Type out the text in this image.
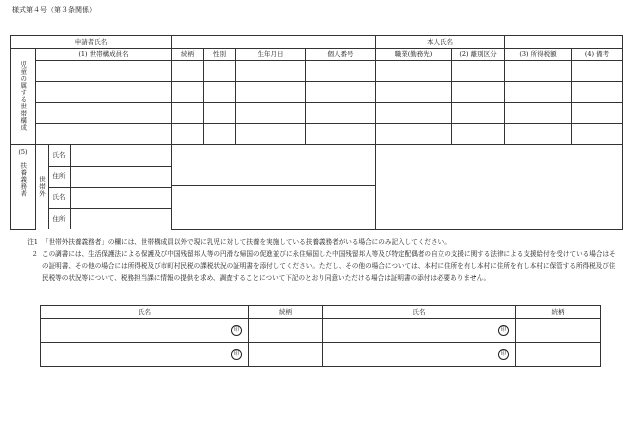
様式第４号（第３条関係）
申請者氏名		本人氏名	
児童の属する世帯構成	(1) 世帯構成員名	続柄	性別	生年月日	個人番号	職業(勤務先)	(2) 離別区分	(3) 所得税額	(4) 備考

(5)
扶養義務者	世帯外	氏名	
住所	
氏名	
住所	

注1 「世帯外扶養義務者」の欄には、世帯構成員以外で現に乳児に対して扶養を実施している扶養義務者がいる場合にのみ記入してください。
２ この調書には、生活保護法による保護及び中国残留邦人等の円滑な帰国の促進並びに永住帰国した中国残留邦人等及び特定配偶者の自立の支援に関する法律による支援給付を受けている場合はその証明書、その他の場合には所得税及び市町村民税の課税状況の証明書を添付してください。ただし、その他の場合については、本村に住所を有し本村に住所を有し本村に保管する所得税及び住民税等の状況等について、税務担当課に情報の提供を求め、調査することについて下記のとおり同意いただける場合は証明書の添付は必要ありません。
氏名	続柄	氏名	続柄
印		印	
印		印	
